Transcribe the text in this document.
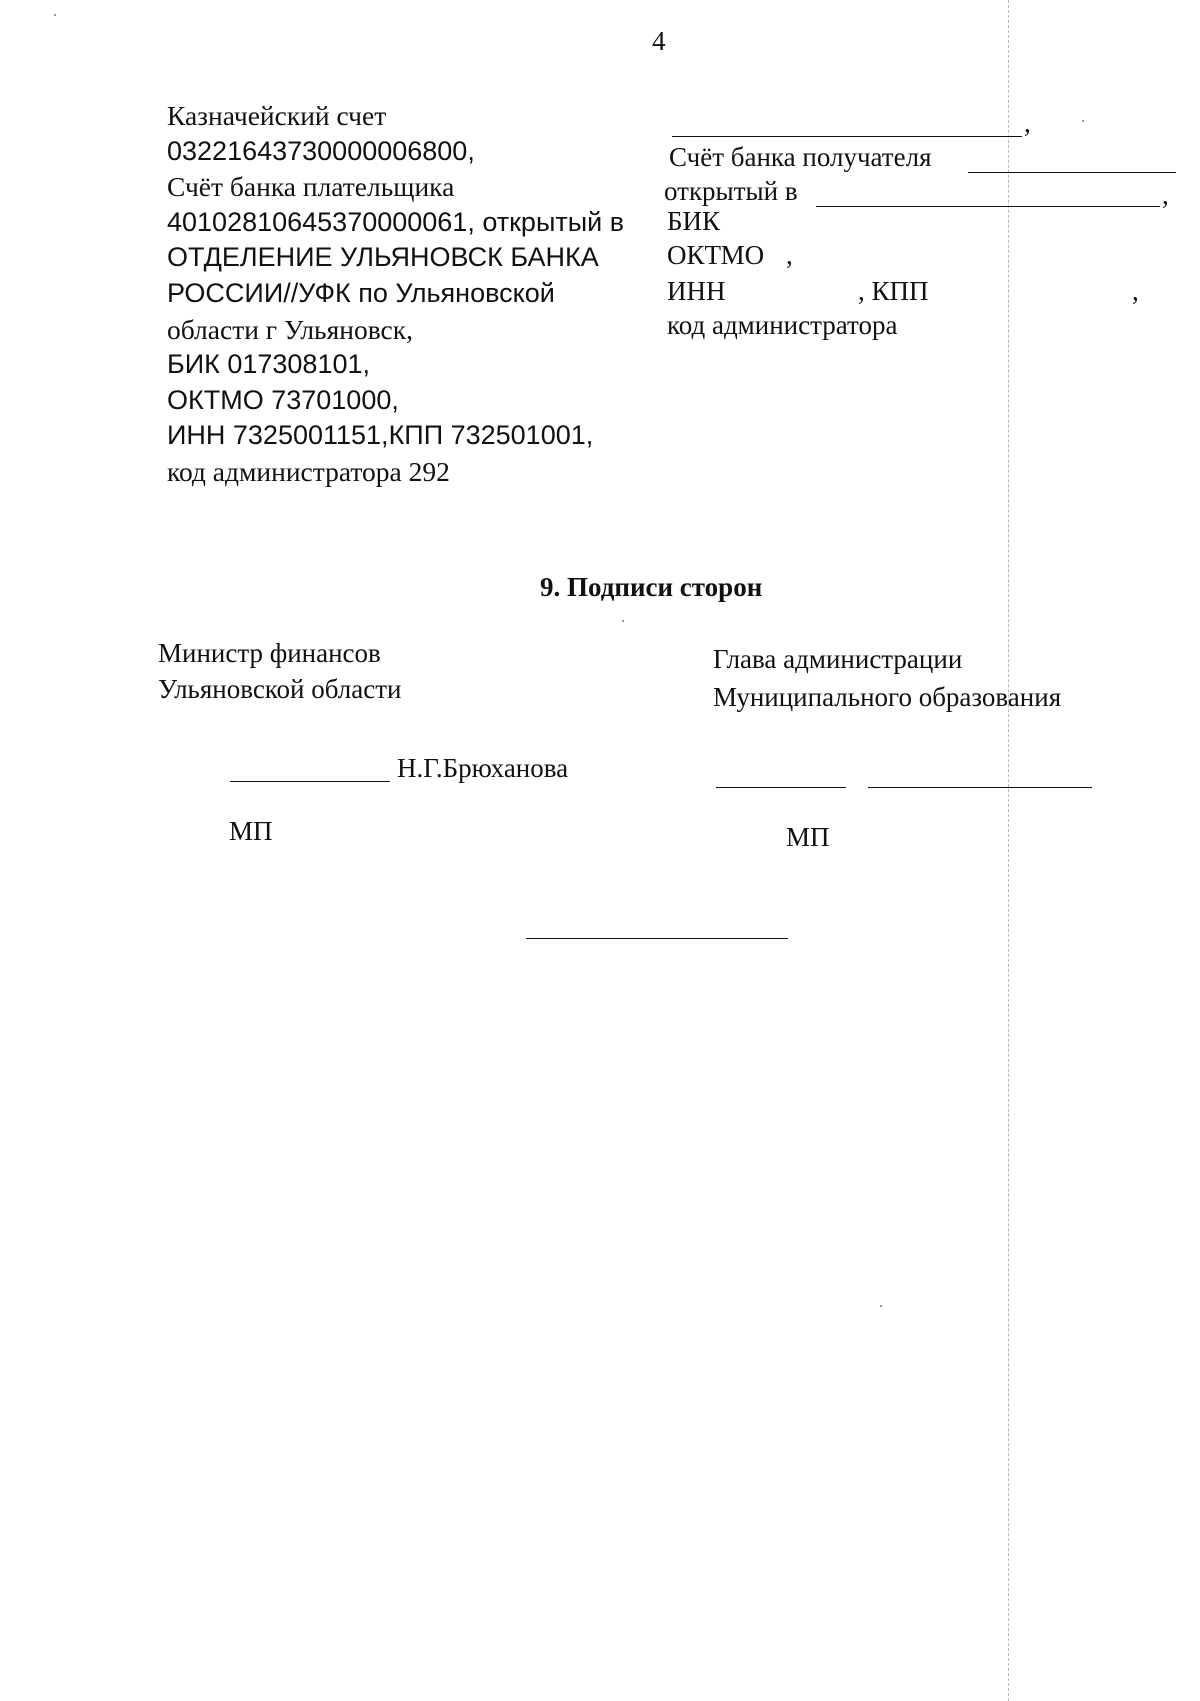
4
Казначейский счет
03221643730000006800,
Счёт банка плательщика
40102810645370000061, открытый в
ОТДЕЛЕНИЕ УЛЬЯНОВСК БАНКА
РОССИИ//УФК по Ульяновской
области г Ульяновск,
БИК 017308101,
ОКТМО 73701000,
ИНН 7325001151,КПП 732501001,
код администратора 292
,
Счёт банка получателя
открытый в	,
БИК
ОКТМО ,
ИНН	, КПП	,
код администратора
9. Подписи сторон
Министр финансов
Ульяновской области
Н.Г.Брюханова
МП
Глава администрации
Муниципального образования
МП
